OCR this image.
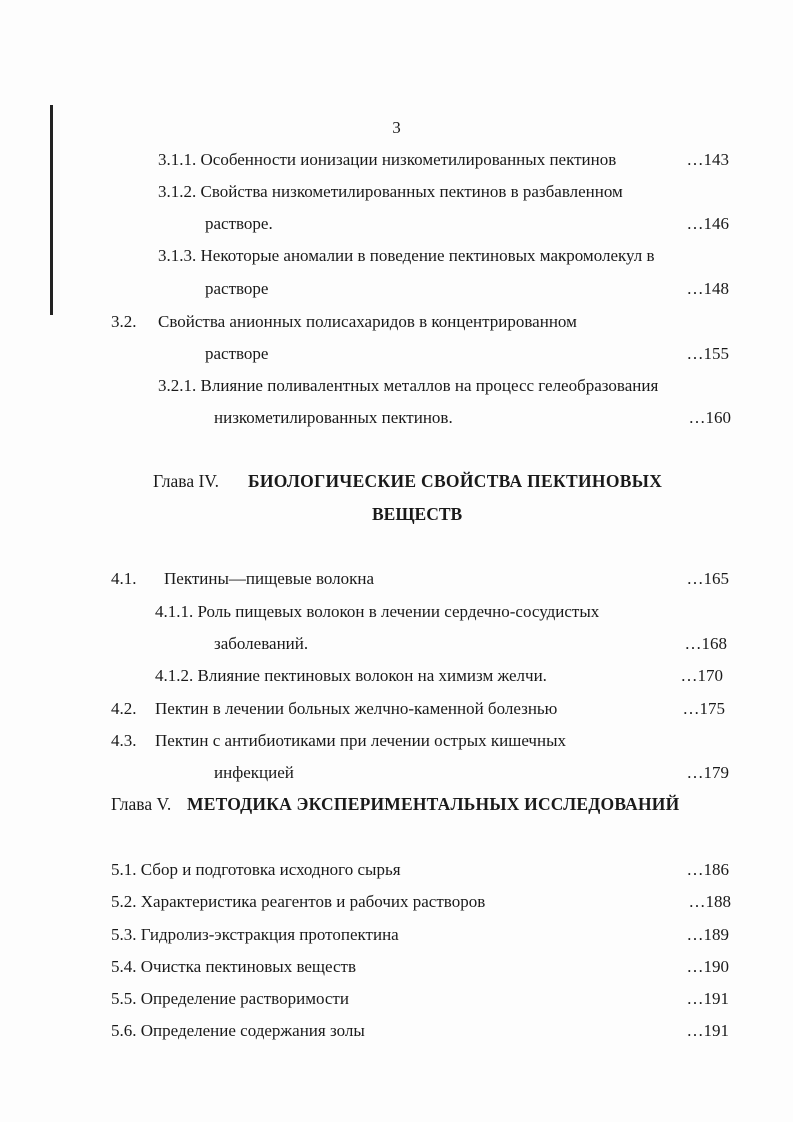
3
3.1.1. Особенности ионизации низкометилированных пектинов	…143
3.1.2. Свойства низкометилированных пектинов в разбавленном
растворе.	…146
3.1.3. Некоторые аномалии в поведение пектиновых макромолекул в
растворе	…148
3.2. Свойства анионных полисахаридов в концентрированном
растворе	…155
3.2.1. Влияние поливалентных металлов на процесс гелеобразования
низкометилированных пектинов.	…160
Глава IV. БИОЛОГИЧЕСКИЕ СВОЙСТВА ПЕКТИНОВЫХ
ВЕЩЕСТВ
4.1. Пектины—пищевые волокна	…165
4.1.1. Роль пищевых волокон в лечении сердечно-сосудистых
заболеваний.	…168
4.1.2. Влияние пектиновых волокон на химизм желчи.	…170
4.2. Пектин в лечении больных желчно-каменной болезнью	…175
4.3. Пектин с антибиотиками при лечении острых кишечных
инфекцией	…179
Глава V. МЕТОДИКА ЭКСПЕРИМЕНТАЛЬНЫХ ИССЛЕДОВАНИЙ
5.1. Сбор и подготовка исходного сырья	…186
5.2. Характеристика реагентов и рабочих растворов	…188
5.3. Гидролиз-экстракция протопектина	…189
5.4. Очистка пектиновых веществ	…190
5.5. Определение растворимости	…191
5.6. Определение содержания золы	…191
